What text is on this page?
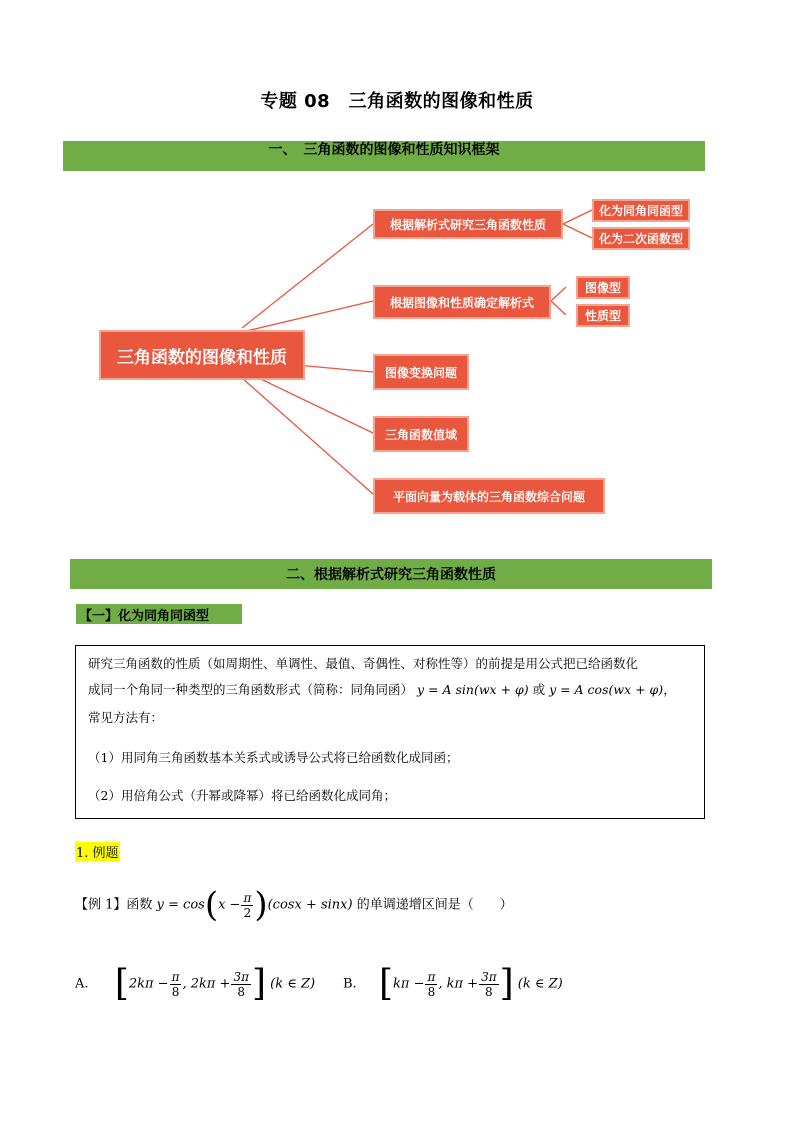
专题 08　三角函数的图像和性质
一、　三角函数的图像和性质知识框架
三角函数的图像和性质
根据解析式研究三角函数性质
化为同角同函型
化为二次函数型
根据图像和性质确定解析式
图像型
性质型
图像变换问题
三角函数值域
平面向量为载体的三角函数综合问题
二、根据解析式研究三角函数性质
【一】化为同角同函型
研究三角函数的性质（如周期性、单调性、最值、奇偶性、对称性等）的前提是用公式把已给函数化
成同一个角同一种类型的三角函数形式（简称：同角同函） y = A sin(wx + φ) 或 y = A cos(wx + φ)，
常见方法有：
（1）用同角三角函数基本关系式或诱导公式将已给函数化成同函；
（2）用倍角公式（升幂或降幂）将已给函数化成同角；
1. 例题
【例 1】函数 $y = \cos(x - \frac{\pi}{2} )(\cos x + \sin x)$ 的单调递增区间是（　　）
A. [$2k\pi - \frac{\pi}{8}$ , $2k\pi + \frac{3\pi}{8}$ ] (k ∈ Z) B. [$k\pi - \frac{\pi}{8}$ , $k\pi + \frac{3\pi}{8}$ ] (k ∈ Z)
